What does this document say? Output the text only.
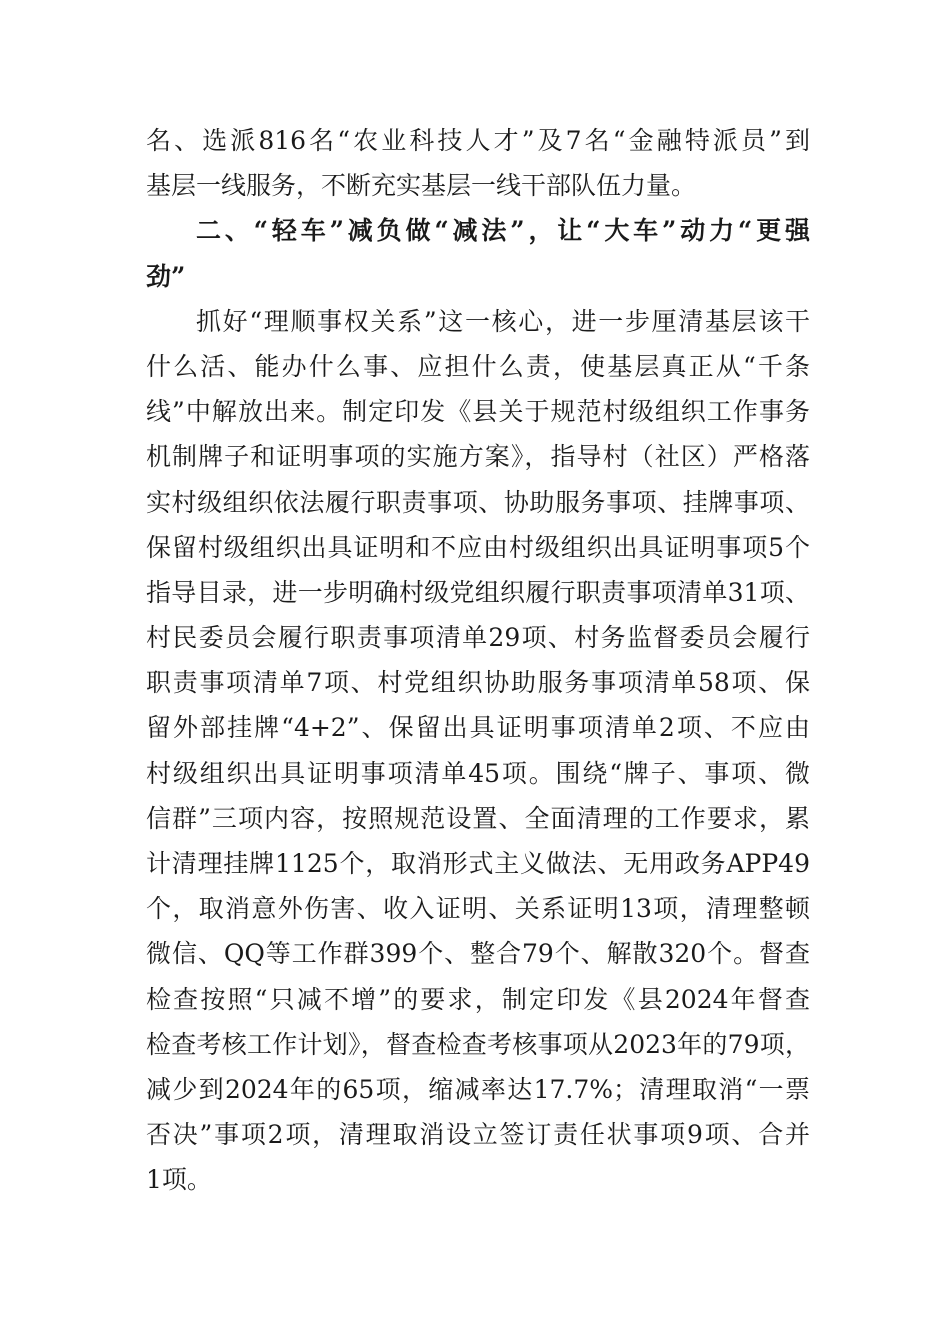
名、选派816名“农业科技人才”及7名“金融特派员”到
基层一线服务，不断充实基层一线干部队伍力量。
二、“轻车”减负做“减法”，让“大车”动力“更强
劲”
抓好“理顺事权关系”这一核心，进一步厘清基层该干
什么活、能办什么事、应担什么责，使基层真正从“千条
线”中解放出来。制定印发《县关于规范村级组织工作事务
机制牌子和证明事项的实施方案》，指导村（社区）严格落
实村级组织依法履行职责事项、协助服务事项、挂牌事项、
保留村级组织出具证明和不应由村级组织出具证明事项5个
指导目录，进一步明确村级党组织履行职责事项清单31项、
村民委员会履行职责事项清单29项、村务监督委员会履行
职责事项清单7项、村党组织协助服务事项清单58项、保
留外部挂牌“4+2”、保留出具证明事项清单2项、不应由
村级组织出具证明事项清单45项。围绕“牌子、事项、微
信群”三项内容，按照规范设置、全面清理的工作要求，累
计清理挂牌1125个，取消形式主义做法、无用政务APP49
个，取消意外伤害、收入证明、关系证明13项，清理整顿
微信、QQ等工作群399个、整合79个、解散320个。督查
检查按照“只减不增”的要求，制定印发《县2024年督查
检查考核工作计划》，督查检查考核事项从2023年的79项，
减少到2024年的65项，缩减率达17.7%；清理取消“一票
否决”事项2项，清理取消设立签订责任状事项9项、合并
1项。
